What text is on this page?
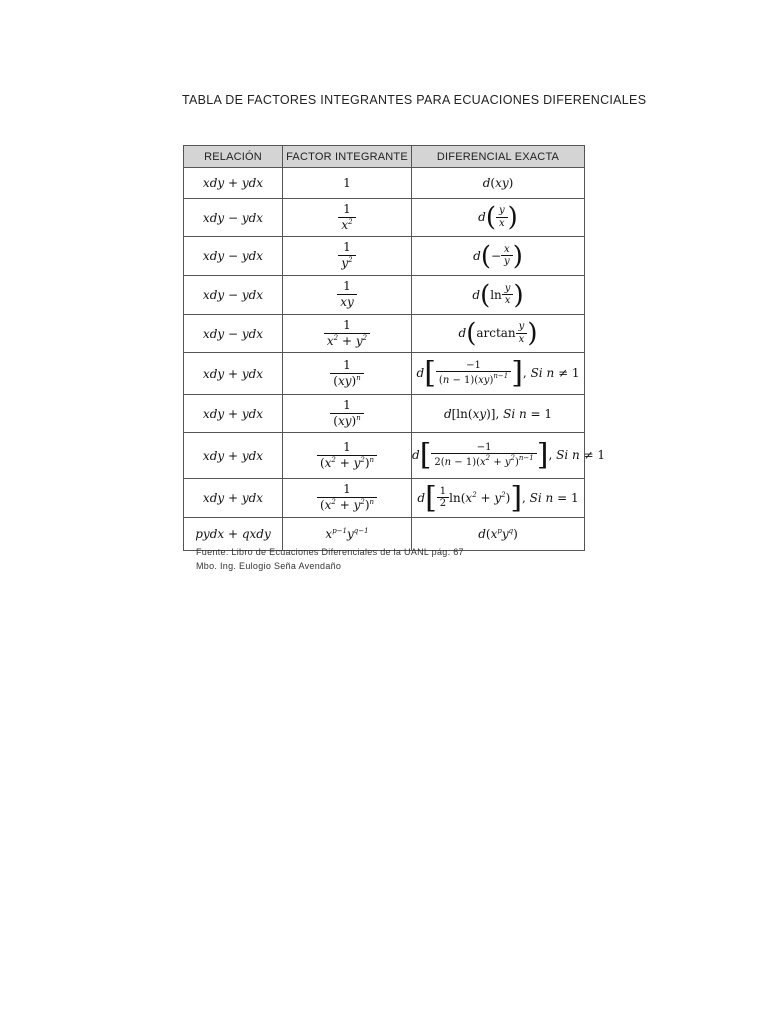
TABLA DE FACTORES INTEGRANTES PARA ECUACIONES DIFERENCIALES
RELACIÓN	FACTOR INTEGRANTE	DIFERENCIAL EXACTA
xdy + ydx	1	d(xy)
xdy − ydx	$\frac{1}{x^2}$	$d( \frac{y}{x}$ )
xdy − ydx	$\frac{1}{y^2}$	$d(- \frac{x}{y}$ )
xdy − ydx	$\frac{1}{xy}$	$d(\ln \frac{y}{x}$ )
xdy − ydx	$\frac{1}{x^2 + y^2}$	$d(\arctan \frac{y}{x}$ )
xdy + ydx	$\frac{1}{(xy)^n}$	$d[ \frac{-1}{(n - 1)(xy)^{n-1}}$ ], Si n ≠ 1
xdy + ydx	$\frac{1}{(xy)^n}$	d[ln(xy)], Si n = 1
xdy + ydx	$\frac{1}{(x^2 + y^2)^n}$	$d[ \frac{-1}{2(n - 1)(x^2 + y^2)^{n-1}}$ ], Si n ≠ 1
xdy + ydx	$\frac{1}{(x^2 + y^2)^n}$	$d[ \frac{1}{2} \ln(x^2 + y^2)]$, Si n = 1
pydx + qxdy	$x^{p-1}y^{q-1}$	$d(x^py^q)$
Fuente: Libro de Ecuaciones Diferenciales de la UANL pág. 67
Mbo. Ing. Eulogio Seña Avendaño
